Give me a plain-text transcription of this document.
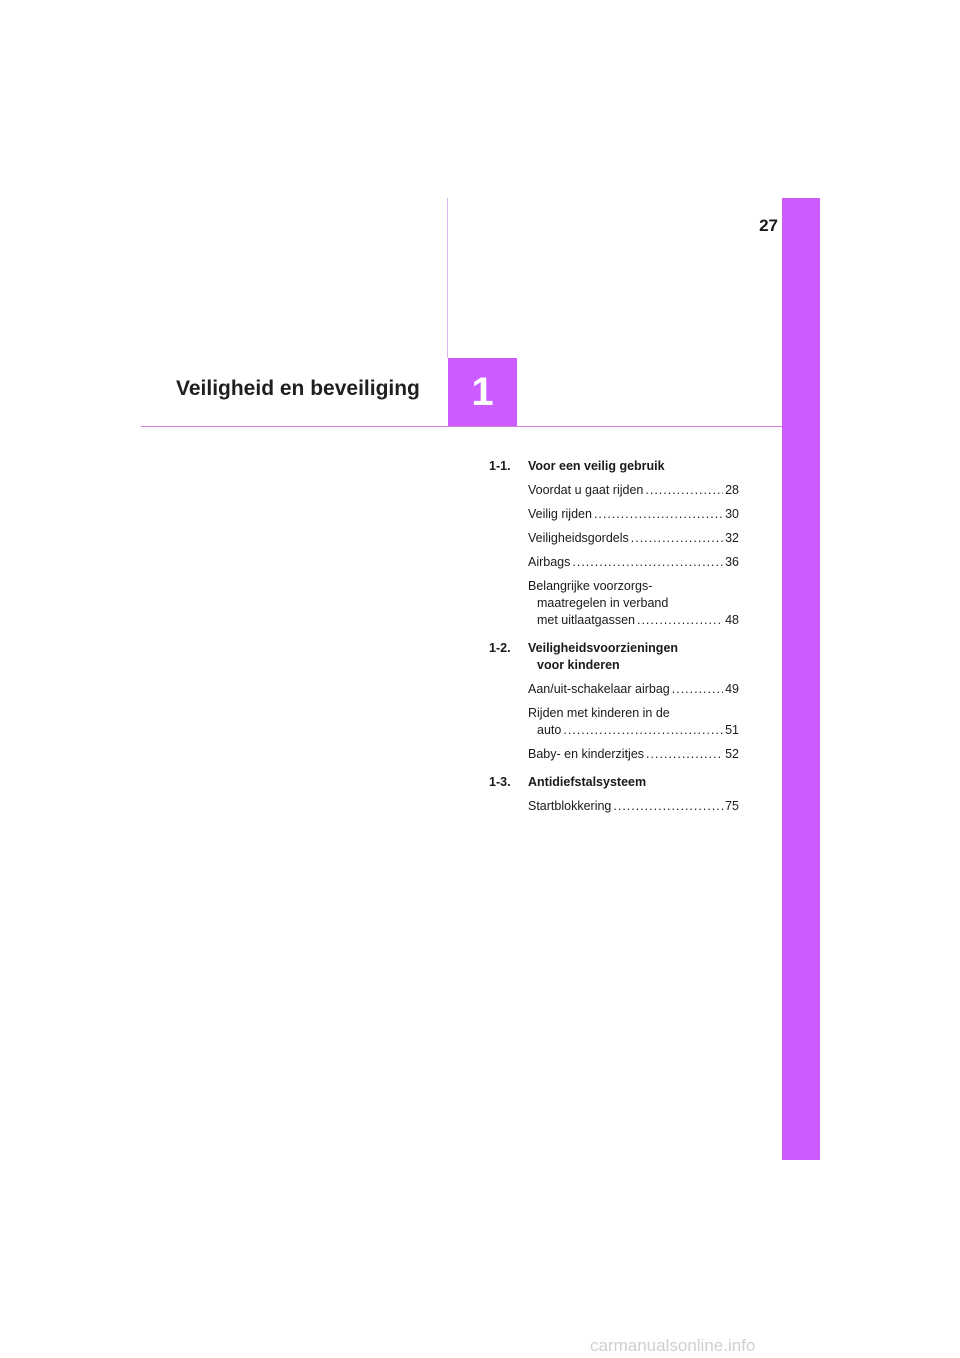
27
1
Veiligheid en beveiliging
1-1.	Voor een veilig gebruik
Voordat u gaat rijden .....	28
Veilig rijden .....	30
Veiligheidsgordels .....	32
Airbags .....	36
Belangrijke voorzorgs-
maatregelen in verband
met uitlaatgassen .....	48
1-2.	Veiligheidsvoorzieningen
voor kinderen
Aan/uit-schakelaar airbag .....	49
Rijden met kinderen in de
auto .....	51
Baby- en kinderzitjes .....	52
1-3.	Antidiefstalsysteem
Startblokkering .....	75
carmanualsonline.info
